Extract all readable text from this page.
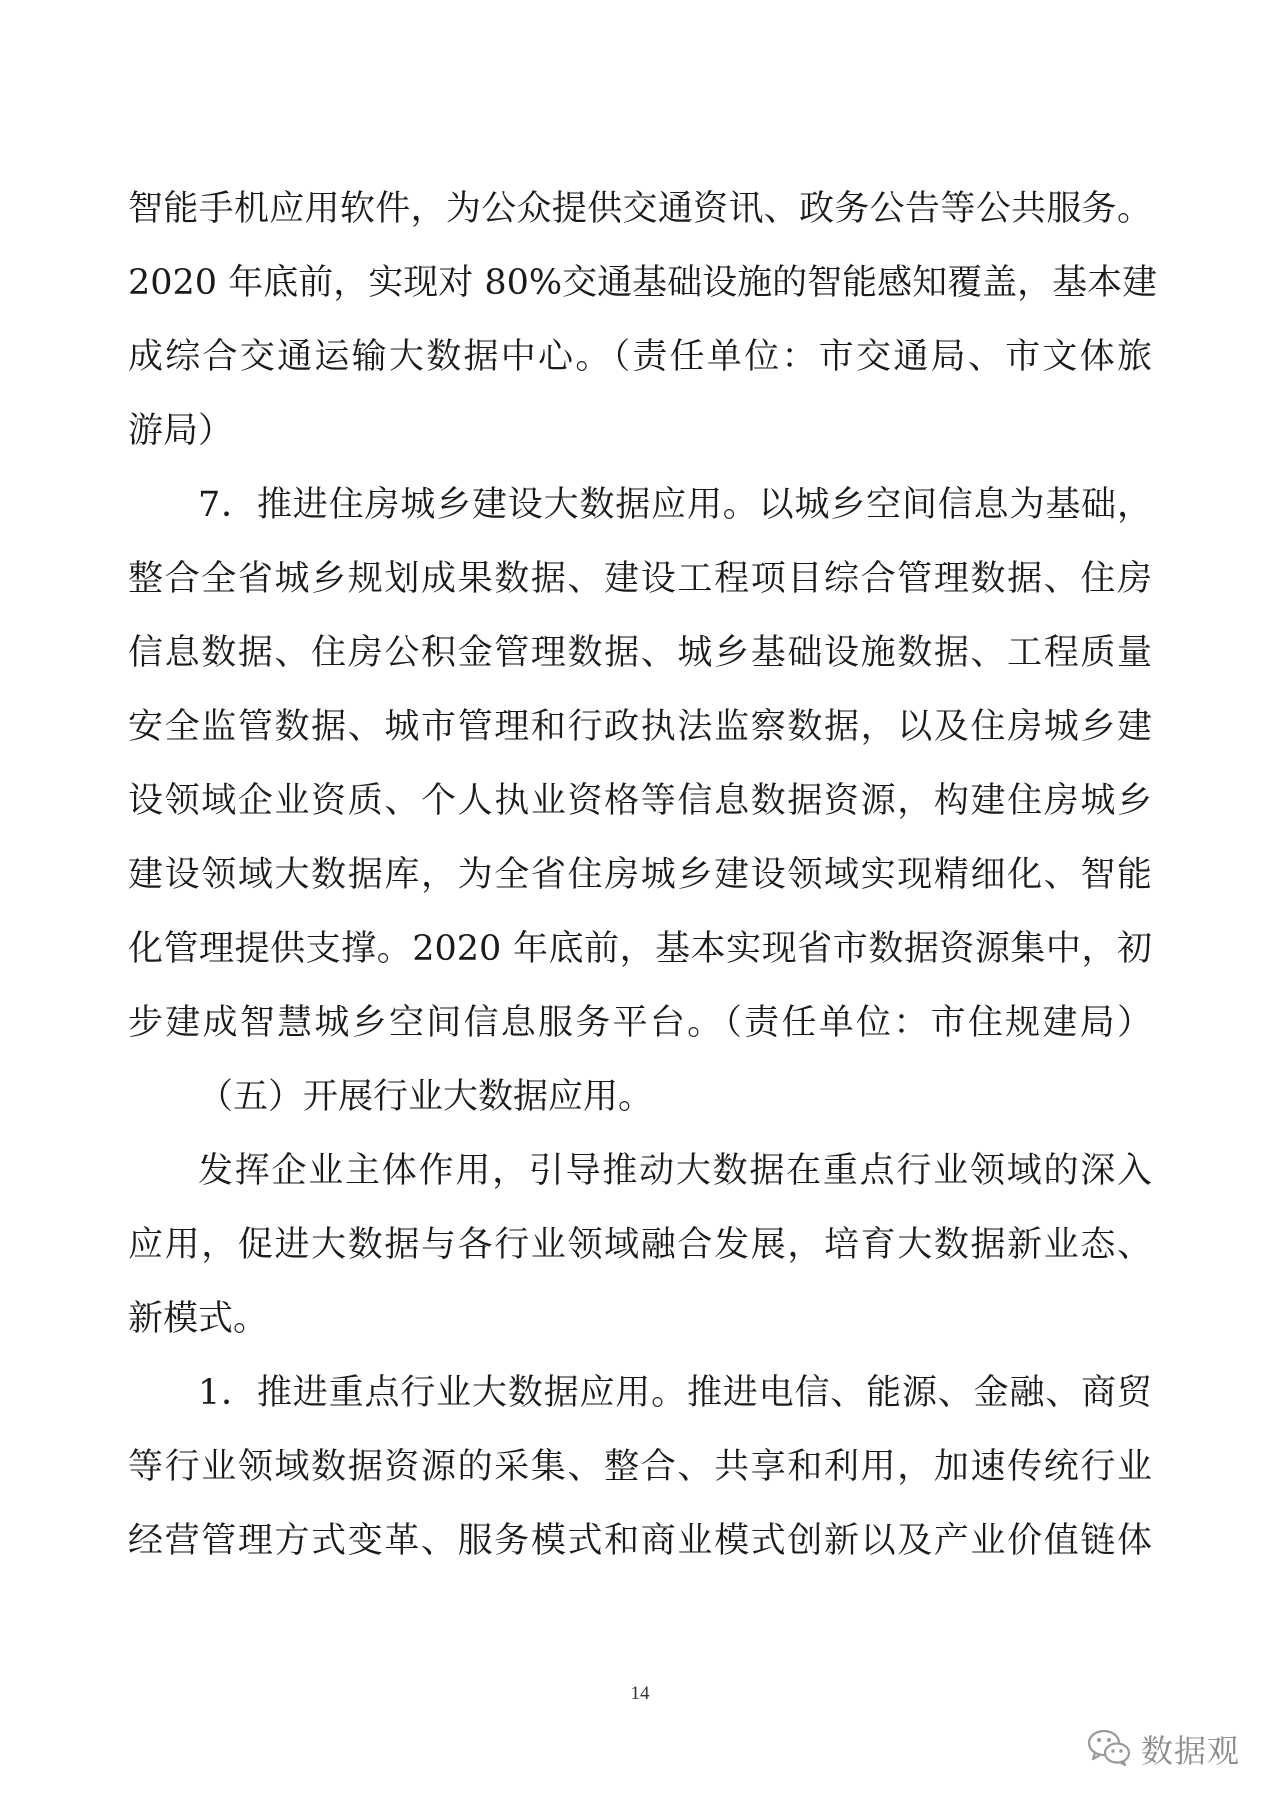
智能手机应用软件，为公众提供交通资讯、政务公告等公共服务。
2020 年底前，实现对 80%交通基础设施的智能感知覆盖，基本建
成综合交通运输大数据中心。（责任单位：市交通局、市文体旅
游局）
7．推进住房城乡建设大数据应用。以城乡空间信息为基础，
整合全省城乡规划成果数据、建设工程项目综合管理数据、住房
信息数据、住房公积金管理数据、城乡基础设施数据、工程质量
安全监管数据、城市管理和行政执法监察数据，以及住房城乡建
设领域企业资质、个人执业资格等信息数据资源，构建住房城乡
建设领域大数据库，为全省住房城乡建设领域实现精细化、智能
化管理提供支撑。2020 年底前，基本实现省市数据资源集中，初
步建成智慧城乡空间信息服务平台。（责任单位：市住规建局）
（五）开展行业大数据应用。
发挥企业主体作用，引导推动大数据在重点行业领域的深入
应用，促进大数据与各行业领域融合发展，培育大数据新业态、
新模式。
1．推进重点行业大数据应用。推进电信、能源、金融、商贸
等行业领域数据资源的采集、整合、共享和利用，加速传统行业
经营管理方式变革、服务模式和商业模式创新以及产业价值链体
14
数据观
